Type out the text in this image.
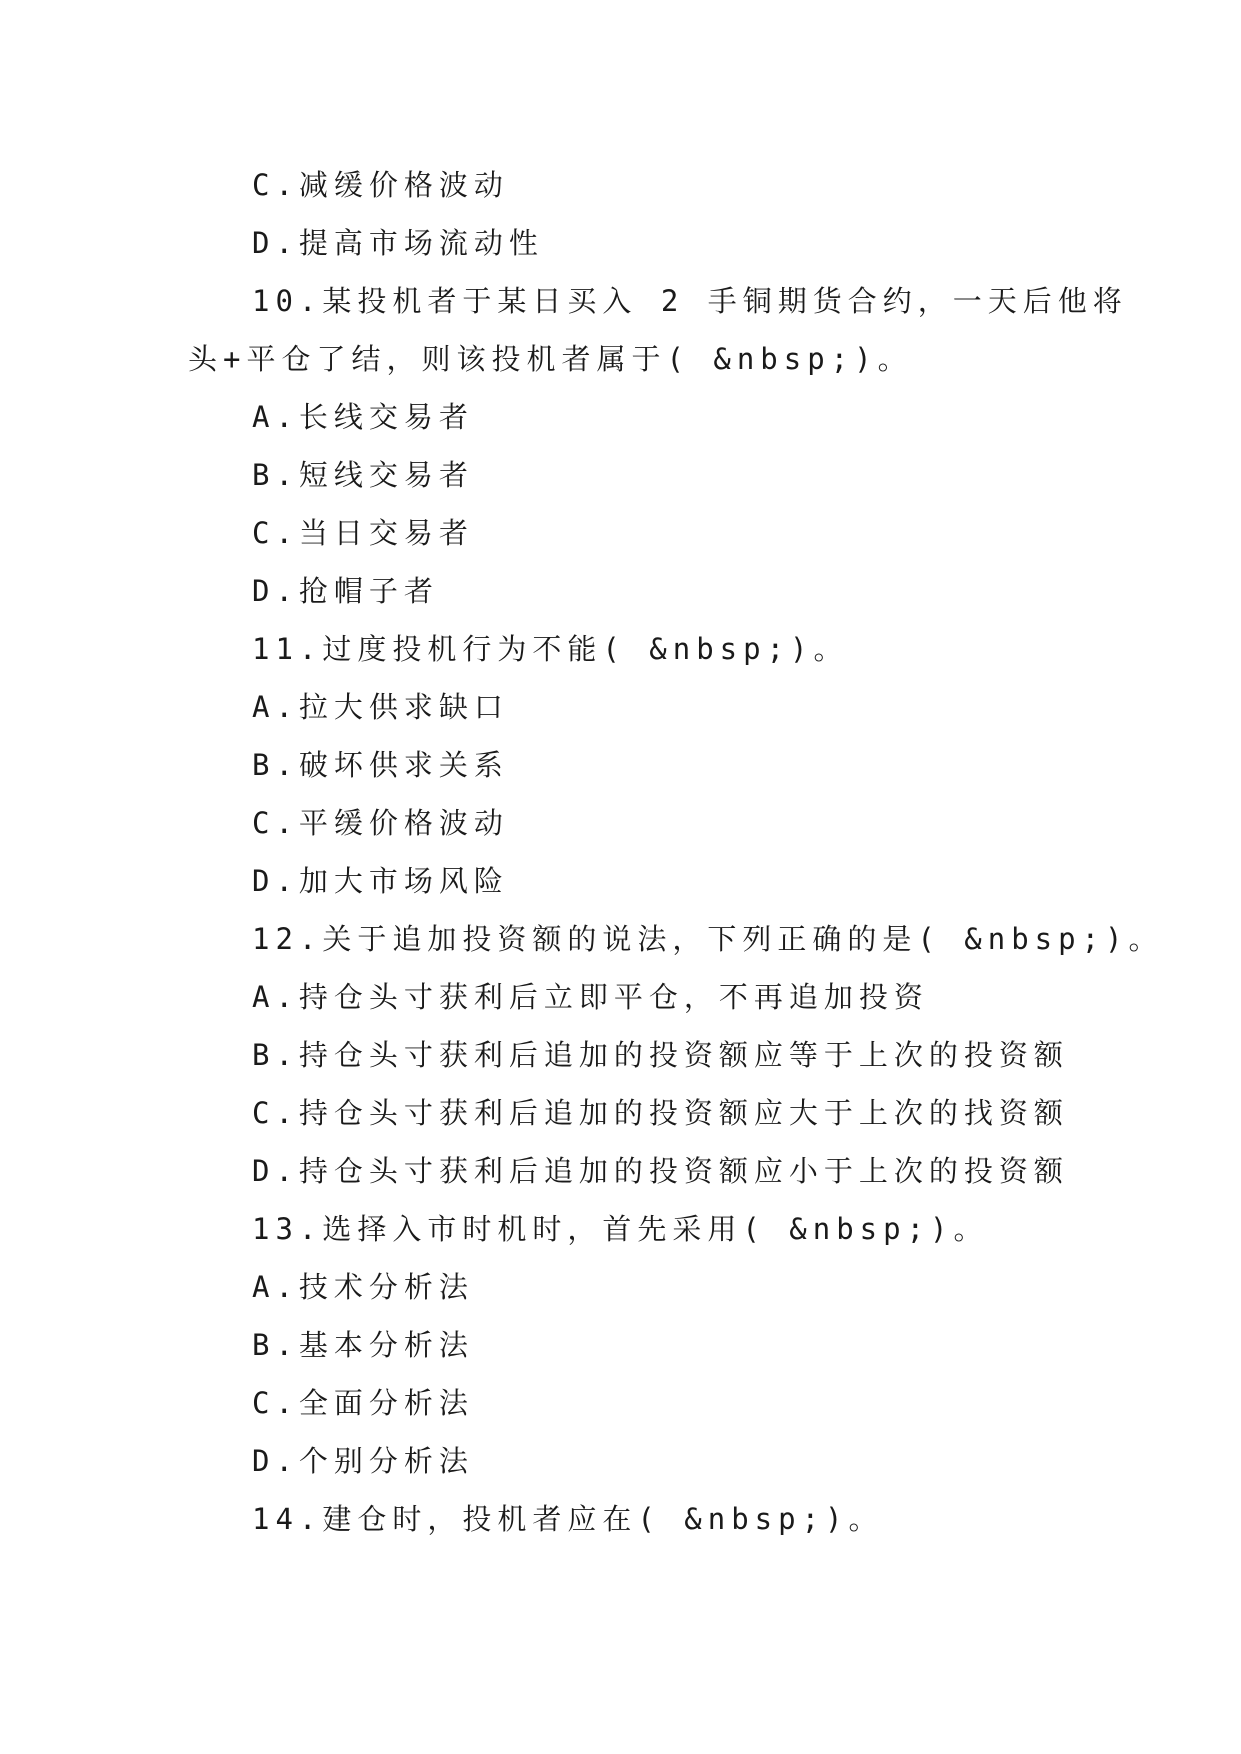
C.减缓价格波动
D.提高市场流动性
10.某投机者于某日买入 2 手铜期货合约，一天后他将
头+平仓了结，则该投机者属于( &nbsp;)。
A.长线交易者
B.短线交易者
C.当日交易者
D.抢帽子者
11.过度投机行为不能( &nbsp;)。
A.拉大供求缺口
B.破坏供求关系
C.平缓价格波动
D.加大市场风险
12.关于追加投资额的说法，下列正确的是( &nbsp;)。
A.持仓头寸获利后立即平仓，不再追加投资
B.持仓头寸获利后追加的投资额应等于上次的投资额
C.持仓头寸获利后追加的投资额应大于上次的找资额
D.持仓头寸获利后追加的投资额应小于上次的投资额
13.选择入市时机时，首先采用( &nbsp;)。
A.技术分析法
B.基本分析法
C.全面分析法
D.个别分析法
14.建仓时，投机者应在( &nbsp;)。
